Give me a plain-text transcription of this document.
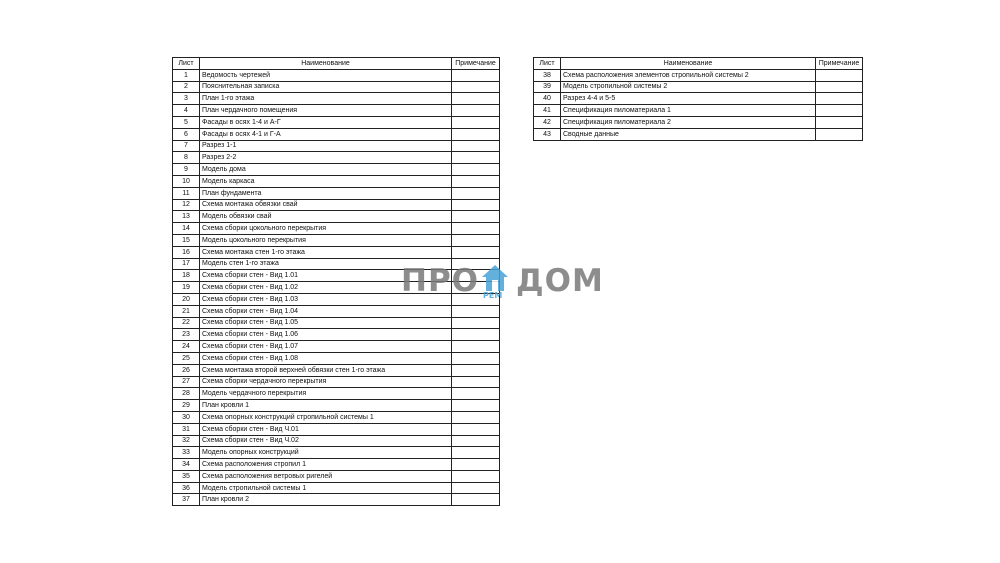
Лист	Наименование	Примечание
1	Ведомость чертежей	
2	Пояснительная записка	
3	План 1-го этажа	
4	План чердачного помещения	
5	Фасады в осях 1-4 и А-Г	
6	Фасады в осях 4-1 и Г-А	
7	Разрез 1-1	
8	Разрез 2-2	
9	Модель дома	
10	Модель каркаса	
11	План фундамента	
12	Схема монтажа обвязки свай	
13	Модель обвязки свай	
14	Схема сборки цокольного перекрытия	
15	Модель цокольного перекрытия	
16	Схема монтажа стен 1-го этажа	
17	Модель стен 1-го этажа	
18	Схема сборки стен - Вид 1.01	
19	Схема сборки стен - Вид 1.02	
20	Схема сборки стен - Вид 1.03	
21	Схема сборки стен - Вид 1.04	
22	Схема сборки стен - Вид 1.05	
23	Схема сборки стен - Вид 1.06	
24	Схема сборки стен - Вид 1.07	
25	Схема сборки стен - Вид 1.08	
26	Схема монтажа второй верхней обвязки стен 1-го этажа	
27	Схема сборки чердачного перекрытия	
28	Модель чердачного перекрытия	
29	План кровли 1	
30	Схема опорных конструкций стропильной системы 1	
31	Схема сборки стен - Вид Ч.01	
32	Схема сборки стен - Вид Ч.02	
33	Модель опорных конструкций	
34	Схема расположения стропил 1	
35	Схема расположения ветровых ригелей	
36	Модель стропильной системы 1	
37	План кровли 2	
Лист	Наименование	Примечание
38	Схема расположения элементов стропильной системы 2	
39	Модель стропильной системы 2	
40	Разрез 4-4 и 5-5	
41	Спецификация пиломатериала 1	
42	Спецификация пиломатериала 2	
43	Сводные данные	
ПРО РЕМ ДОМ
